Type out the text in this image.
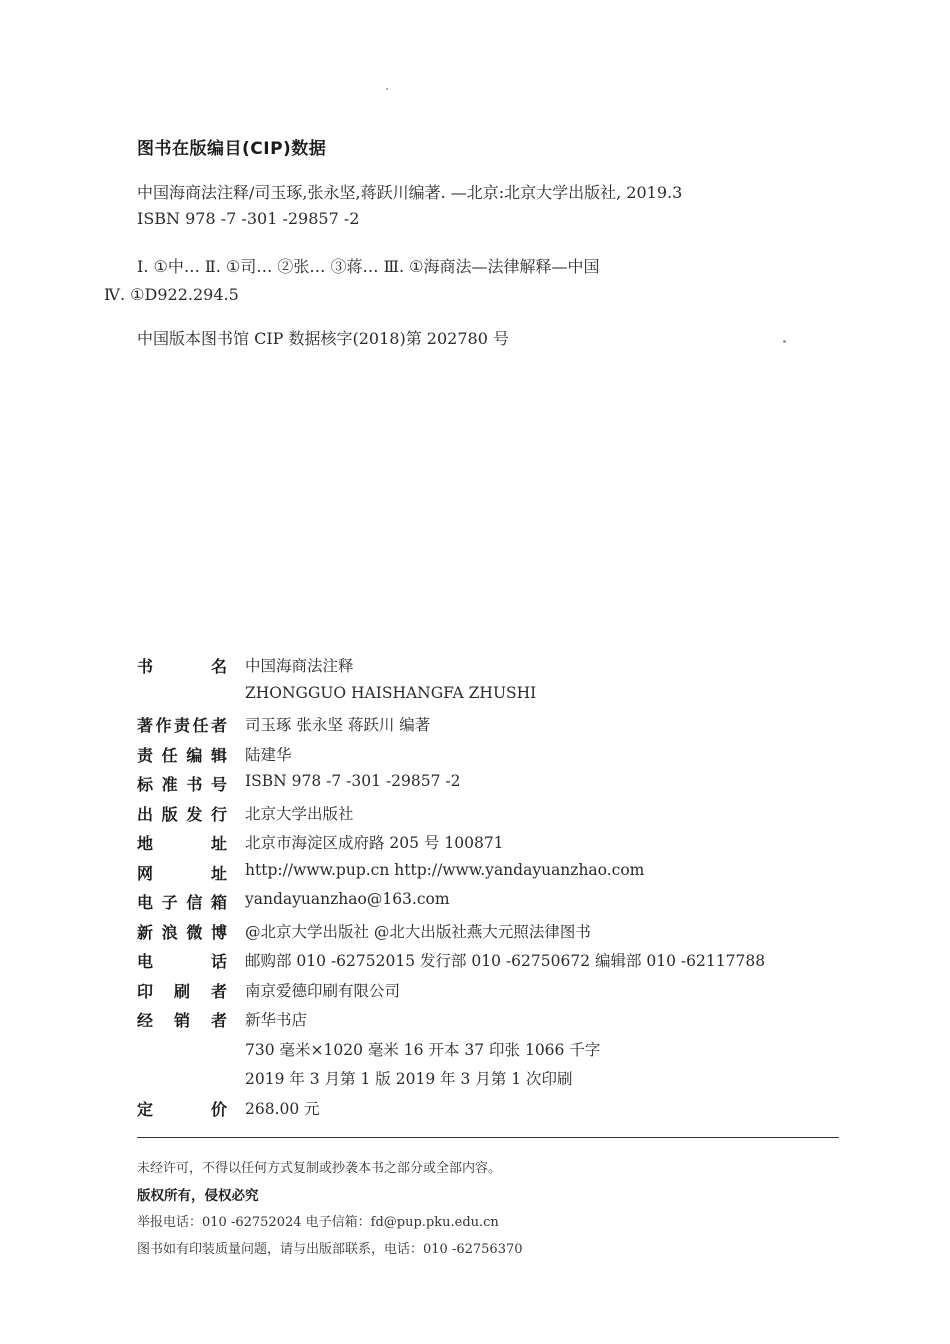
图书在版编目(CIP)数据
中国海商法注释/司玉琢,张永坚,蒋跃川编著. —北京:北京大学出版社, 2019.3
ISBN 978 -7 -301 -29857 -2
Ⅰ. ①中… Ⅱ. ①司… ②张… ③蒋… Ⅲ. ①海商法—法律解释—中国
Ⅳ. ①D922.294.5
中国版本图书馆 CIP 数据核字(2018)第 202780 号
书	名 中国海商法注释
ZHONGGUO HAISHANGFA ZHUSHI
著 作 责 任 者 司玉琢 张永坚 蒋跃川 编著
责 任 编 辑 陆建华
标 准 书 号 ISBN 978 -7 -301 -29857 -2
出 版 发 行 北京大学出版社
地	址 北京市海淀区成府路 205 号 100871
网	址 http://www.pup.cn http://www.yandayuanzhao.com
电 子 信 箱 yandayuanzhao@163.com
新 浪 微 博 @北京大学出版社 @北大出版社燕大元照法律图书
电	话 邮购部 010 -62752015 发行部 010 -62750672 编辑部 010 -62117788
印 刷 者 南京爱德印刷有限公司
经 销 者 新华书店
730 毫米×1020 毫米 16 开本 37 印张 1066 千字
2019 年 3 月第 1 版 2019 年 3 月第 1 次印刷
定	价 268.00 元
未经许可，不得以任何方式复制或抄袭本书之部分或全部内容。
版权所有，侵权必究
举报电话：010 -62752024 电子信箱：fd@pup.pku.edu.cn
图书如有印装质量问题，请与出版部联系，电话：010 -62756370
